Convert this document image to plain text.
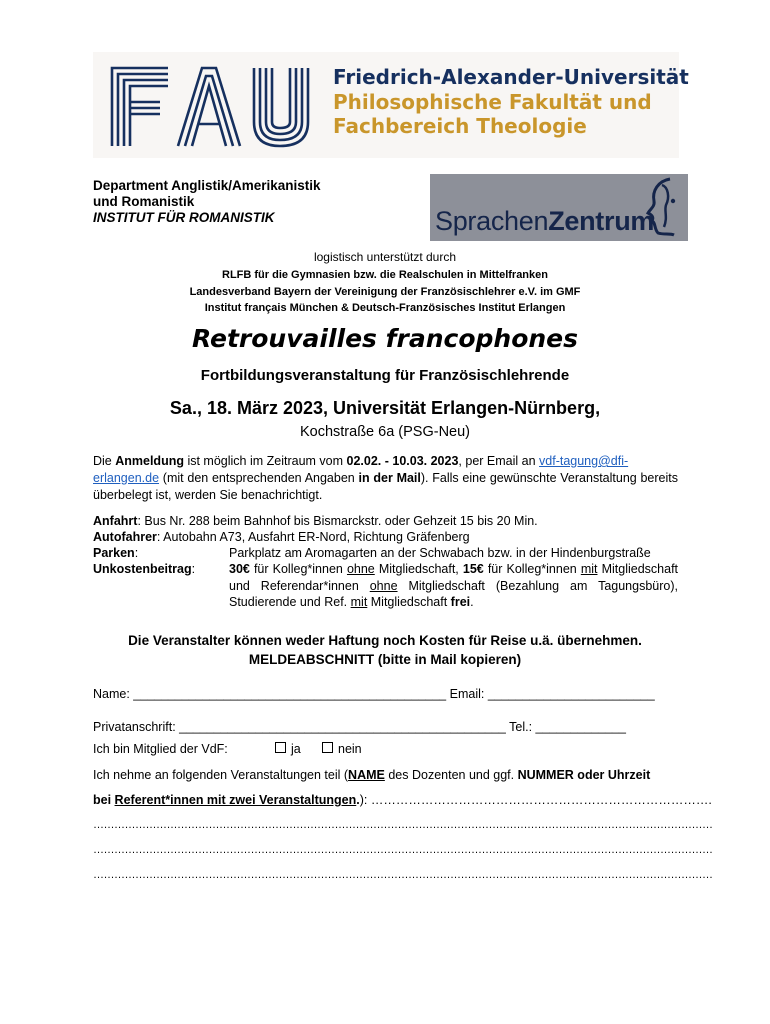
Friedrich-Alexander-Universität
Philosophische Fakultät und
Fachbereich Theologie
Department Anglistik/Amerikanistik
und Romanistik
INSTITUT FÜR ROMANISTIK	SprachenZentrum
logistisch unterstützt durch
RLFB für die Gymnasien bzw. die Realschulen in Mittelfranken
Landesverband Bayern der Vereinigung der Französischlehrer e.V. im GMF
Institut français München & Deutsch-Französisches Institut Erlangen
Retrouvailles francophones
Fortbildungsveranstaltung für Französischlehrende
Sa., 18. März 2023, Universität Erlangen-Nürnberg,
Kochstraße 6a (PSG-Neu)
Die Anmeldung ist möglich im Zeitraum vom 02.02. - 10.03. 2023, per Email an vdf-tagung@dfi-
erlangen.de (mit den entsprechenden Angaben in der Mail). Falls eine gewünschte Veranstaltung bereits überbelegt ist, werden Sie benachrichtigt.
Anfahrt: Bus Nr. 288 beim Bahnhof bis Bismarckstr. oder Gehzeit 15 bis 20 Min.
Autofahrer: Autobahn A73, Ausfahrt ER-Nord, Richtung Gräfenberg
Parken:	Parkplatz am Aromagarten an der Schwabach bzw. in der Hindenburgstraße
Unkostenbeitrag:	30€ für Kolleg*innen ohne Mitgliedschaft, 15€ für Kolleg*innen mit Mitgliedschaft und Referendar*innen ohne Mitgliedschaft (Bezahlung am Tagungsbüro), Studierende und Ref. mit Mitgliedschaft frei.
Die Veranstalter können weder Haftung noch Kosten für Reise u.ä. übernehmen.
MELDEABSCHNITT (bitte in Mail kopieren)
Name: _____________________________________________ Email: ________________________
Privatanschrift: _______________________________________________ Tel.: _____________
Ich bin Mitglied der VdF:	ja	nein
Ich nehme an folgenden Veranstaltungen teil (NAME des Dozenten und ggf. NUMMER oder Uhrzeit
bei Referent*innen mit zwei Veranstaltungen.): ……………………………………………………………………….
……………………………………………………………………………………………………………………………………………………………
……………………………………………………………………………………………………………………………………………………………
……………………………………………………………………………………………………………………………………………………………
